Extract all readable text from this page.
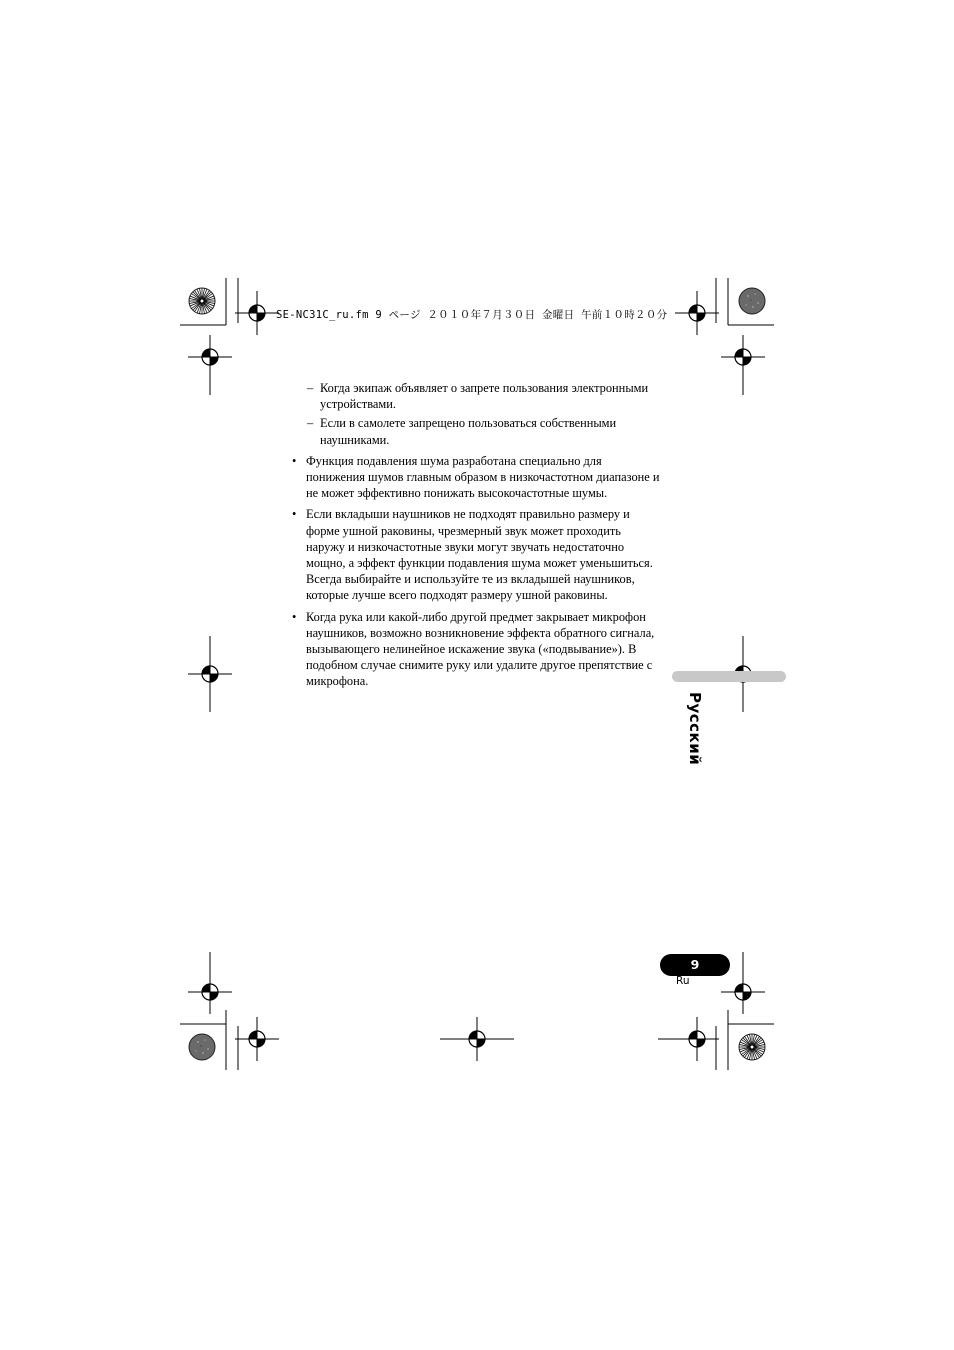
SE-NC31C_ru.fm 9 ページ ２０１０年７月３０日 金曜日 午前１０時２０分
– Когда экипаж объявляет о запрете пользования электронными устройствами.
– Если в самолете запрещено пользоваться собственными наушниками.
• Функция подавления шума разработана специально для понижения шумов главным образом в низкочастотном диапазоне и не может эффективно понижать высокочастотные шумы.
• Если вкладыши наушников не подходят правильно размеру и форме ушной раковины, чрезмерный звук может проходить наружу и низкочастотные звуки могут звучать недостаточно мощно, а эффект функции подавления шума может уменьшиться. Всегда выбирайте и используйте те из вкладышей наушников, которые лучше всего подходят размеру ушной раковины.
• Когда рука или какой-либо другой предмет закрывает микрофон наушников, возможно возникновение эффекта обратного сигнала, вызывающего нелинейное искажение звука («подвывание»). В подобном случае снимите руку или удалите другое препятствие с микрофона.
Русский
9
Ru
